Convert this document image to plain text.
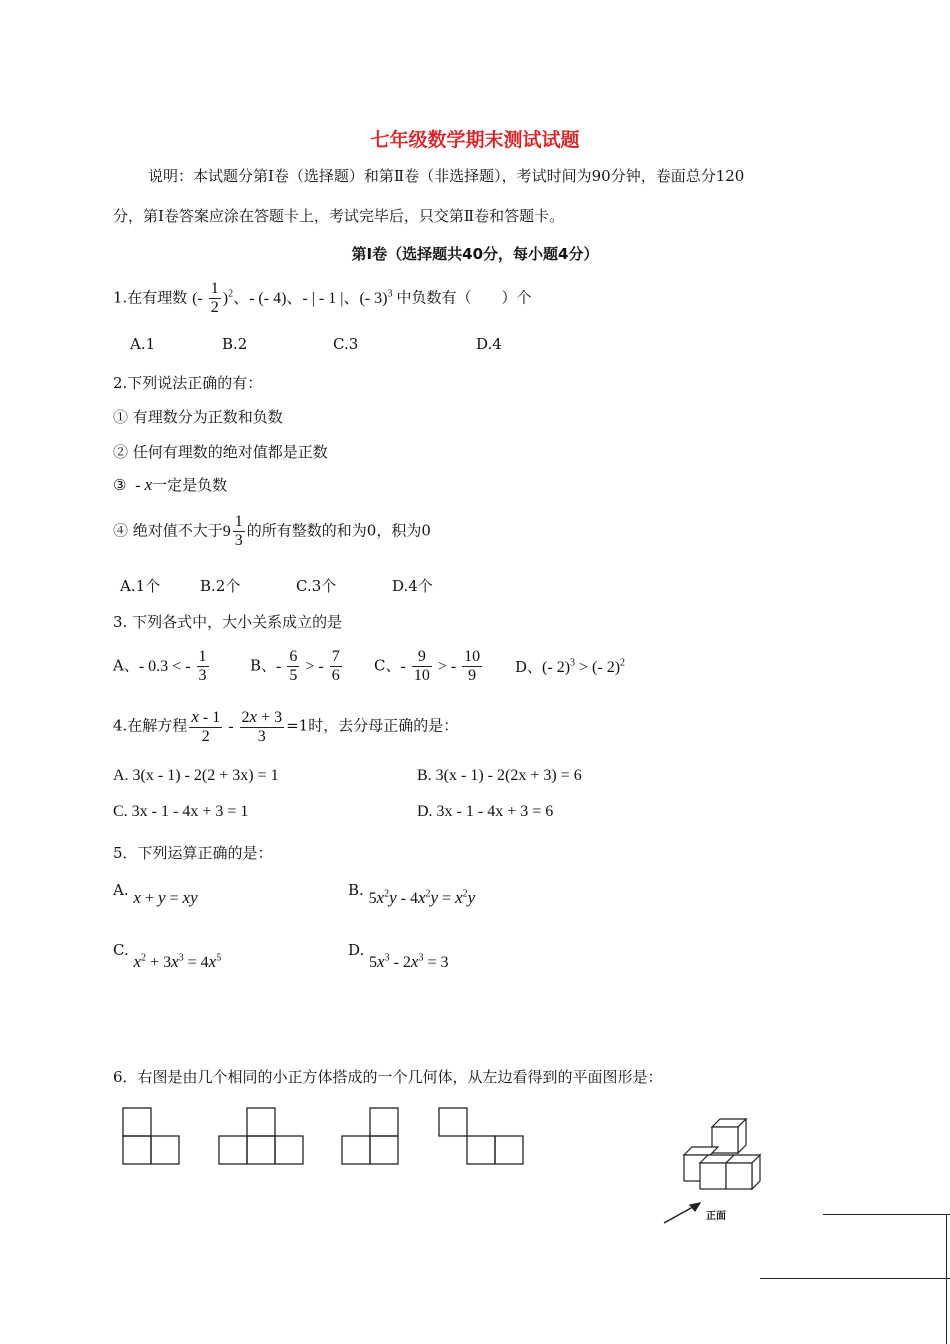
七年级数学期末测试试题
说明：本试题分第Ⅰ卷（选择题）和第Ⅱ卷（非选择题），考试时间为90分钟，卷面总分120
分，第Ⅰ卷答案应涂在答题卡上，考试完毕后，只交第Ⅱ卷和答题卡。
第Ⅰ卷（选择题共40分，每小题4分）
1.在有理数 (- $\frac{1}{2} )^2$、- (- 4)、- | - 1 |、(- 3)$^3$ 中负数有（　　）个
A.1	B.2	C.3	D.4
2.下列说法正确的有：
① 有理数分为正数和负数
② 任何有理数的绝对值都是正数
③  - x一定是负数
④ 绝对值不大于$9 \frac{1}{3}$ 的所有整数的和为0，积为0
A.1个	B.2个	C.3个	D.4个
3. 下列各式中，大小关系成立的是
A、- 0.3 < - $\frac{1}{3}$	B、- $\frac{6}{5}$ > - $\frac{7}{6}$ C、- $\frac{9}{10}$ > - $\frac{10}{9}$ D、(- 2)$^3$ > (- 2)$^2$
4.在解方程 $\frac{x - 1}{2} - \frac{2x + 3}{3} =1$时，去分母正确的是：
A. 3(x - 1) - 2(2 + 3x) = 1	B. 3(x - 1) - 2(2x + 3) = 6
C. 3x - 1 - 4x + 3 = 1	D. 3x - 1 - 4x + 3 = 6
5．下列运算正确的是：
A. x + y = xy	B. $5x^2y - 4x^2y = x^2y$
C. $x^2 + 3x^3 = 4x^5$	D. $5x^3 - 2x^3 = 3$
6．右图是由几个相同的小正方体搭成的一个几何体，从左边看得到的平面图形是：
正面
